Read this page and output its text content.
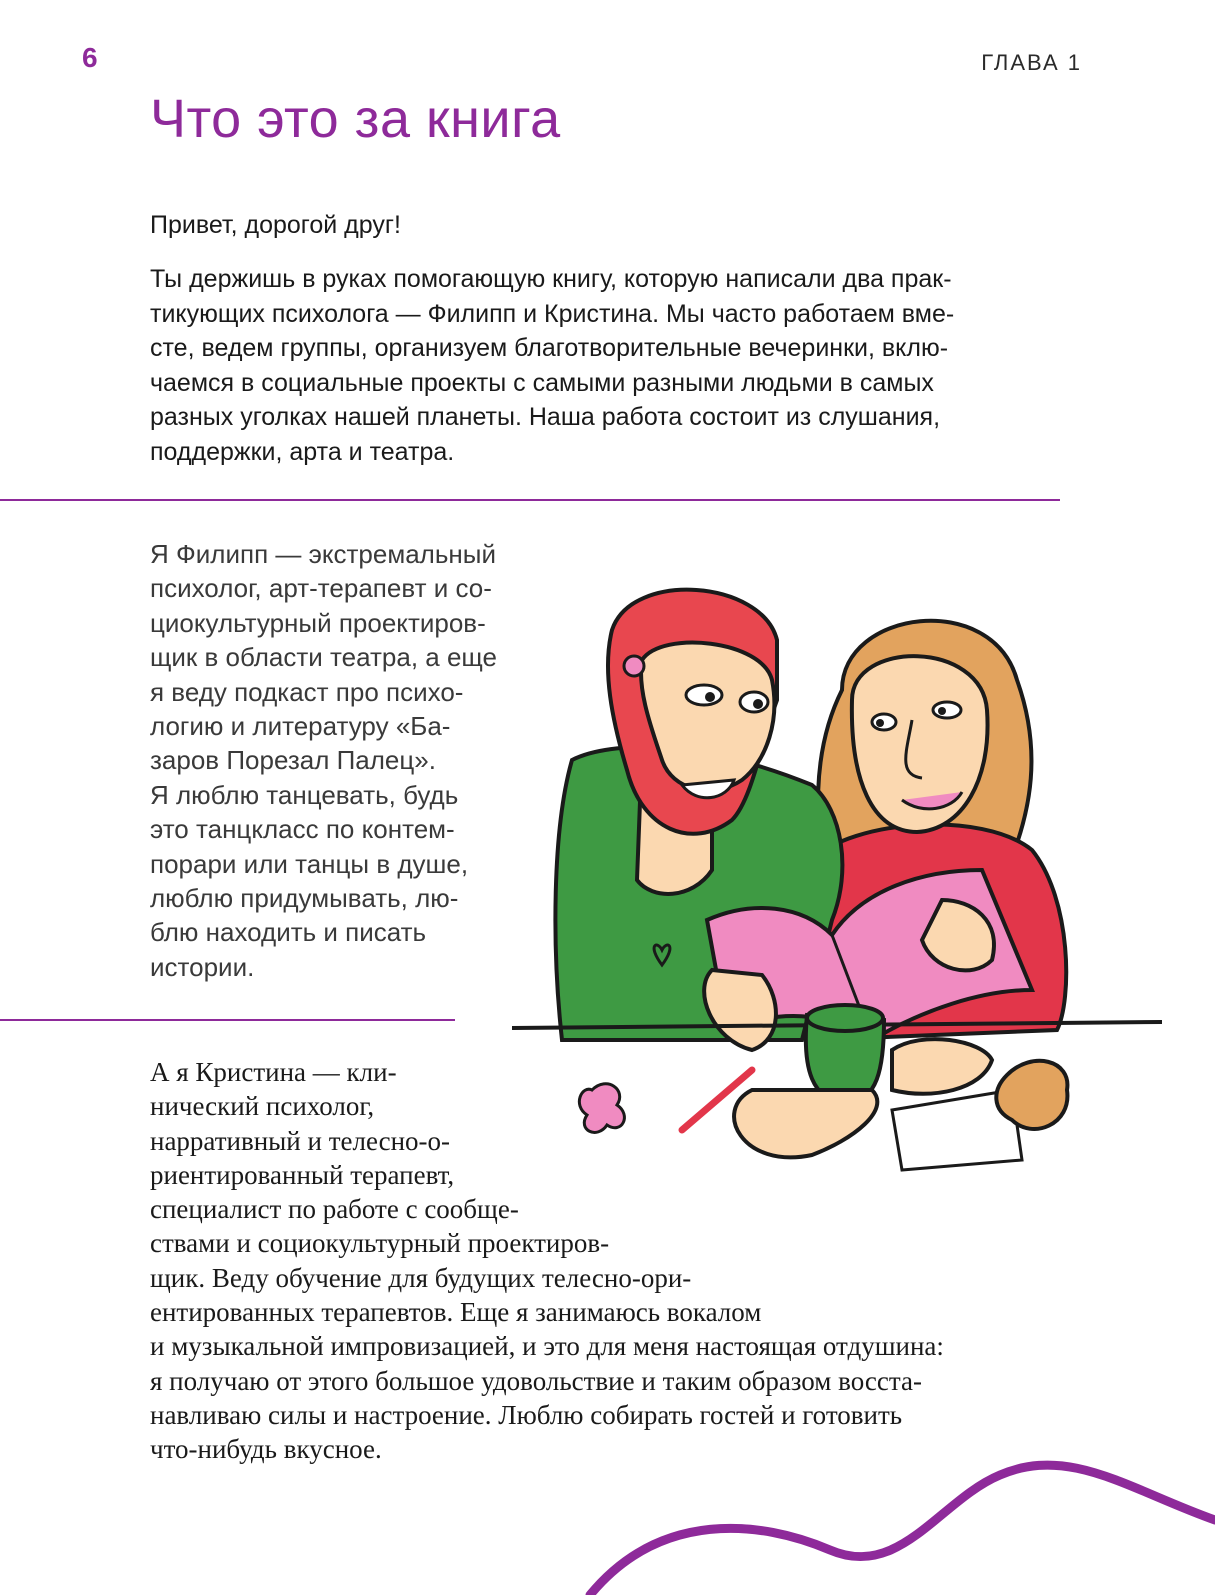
6	ГЛАВА 1
Что это за книга
Привет, дорогой друг!
Ты держишь в руках помогающую книгу, которую написали два прак-
тикующих психолога — Филипп и Кристина. Мы часто работаем вме-
сте, ведем группы, организуем благотворительные вечеринки, вклю-
чаемся в социальные проекты с самыми разными людьми в самых
разных уголках нашей планеты. Наша работа состоит из слушания,
поддержки, арта и театра.
Я Филипп — экстремальный
психолог, арт-терапевт и со-
циокультурный проектиров-
щик в области театра, а еще
я веду подкаст про психо-
логию и литературу «Ба-
заров Порезал Палец».
Я люблю танцевать, будь
это танцкласс по контем-
порари или танцы в душе,
люблю придумывать, лю-
блю находить и писать
истории.
А я Кристина — кли-
нический психолог,
нарративный и телесно-о-
риентированный терапевт,
специалист по работе с сообще-
ствами и социокультурный проектиров-
щик. Веду обучение для будущих телесно-ори-
ентированных терапевтов. Еще я занимаюсь вокалом
и музыкальной импровизацией, и это для меня настоящая отдушина:
я получаю от этого большое удовольствие и таким образом восста-
навливаю силы и настроение. Люблю собирать гостей и готовить
что-нибудь вкусное.
